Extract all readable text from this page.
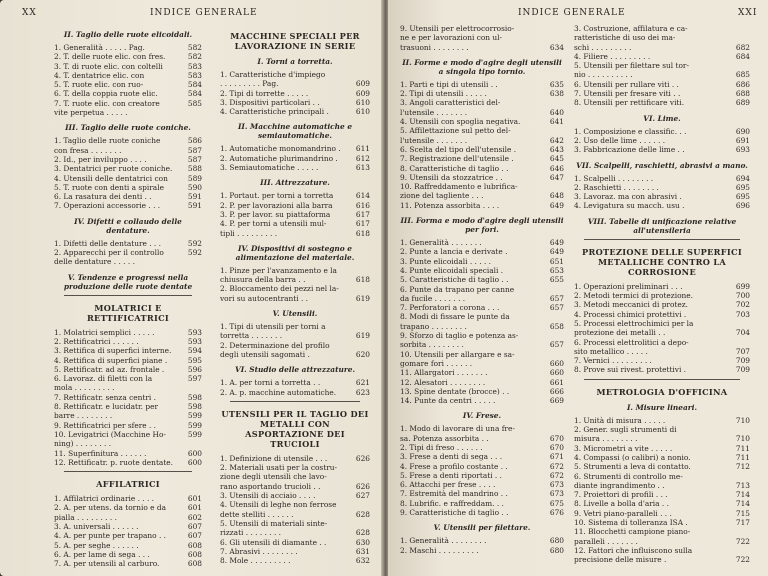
XX	INDICE GENERALE
II. Taglio delle ruote elicoidali.
1. Generalità . . . . . Pag.	582
2. T. delle ruote elic. con fres.	582
3. T. di ruote elic. con coltelli	583
4. T. dentatrice elic. con	583
5. T. ruote elic. con ruo-	584
6. T. della coppia ruote elic.	584
7. T. ruote elic. con creatore	585
vite perpetua . . . . .
III. Taglio delle ruote coniche.
1. Taglio delle ruote coniche	586
con fresa . . . . . . .	587
2. Id., per inviluppo . . . .	587
3. Dentatrici per ruote coniche.	588
4. Utensili delle dentatrici con	589
5. T. ruote con denti a spirale	590
6. La rasatura dei denti . .	591
7. Operazioni accessorie . . .	591
IV. Difetti e collaudo delle dentature.
1. Difetti delle dentature . . .	592
2. Apparecchi per il controllo	592
delle dentature . . . . .
V. Tendenze e progressi nella produzione delle ruote dentate
MOLATRICI E RETTIFICATRICI
1. Molatrici semplici . . . . .	593
2. Rettificatrici . . . . . .	593
3. Rettifica di superfici interne.	594
4. Rettifica di superfici piane .	595
5. Rettificatr. ad az. frontale .	596
6. Lavoraz. di filetti con la	597
mola . . . . . . . . .
7. Rettificatr. senza centri .	598
8. Rettificatr. e lucidatr. per	598
barre . . . . . . . .	599
9. Rettificatrici per sfere . .	599
10. Levigatrici (Macchine Ho-	599
ning) . . . . . . . .
11. Superfinitura . . . . . .	600
12. Rettificatr. p. ruote dentate.	600
AFFILATRICI
1. Affilatrici ordinarie . . . .	601
2. A. per utens. da tornio e da	601
pialla . . . . . . . . .	602
3. A. universali . . . . . .	607
4. A. per punte per trapano . .	607
5. A. per seghe . . . . . .	608
6. A. per lame di sega . . .	608
7. A. per utensili al carburo.	608
MACCHINE SPECIALI PER LAVORAZIONE IN SERIE
I. Torni a torretta.
1. Caratteristiche d'impiego
. . . . . . . . . Pag.	609
2. Tipi di torrette . . . . .	609
3. Dispositivi particolari . .	610
4. Caratteristiche principali .	610
II. Macchine automatiche e semiautomatiche.
1. Automatiche monomandrino .	611
2. Automatiche plurimandrino .	612
3. Semiautomatiche . . . . .	613
III. Attrezzature.
1. Portaut. per torni a torretta	614
2. P. per lavorazioni alla barra	616
3. P. per lavor. su piattaforma	617
4. P. per torni a utensili mul-	617
tipli . . . . . . . . .	618
IV. Dispositivi di sostegno e alimentazione del materiale.
1. Pinze per l'avanzamento e la
chiusura della barra . .	618
2. Bloccamento dei pezzi nel la-
vori su autocentranti . .	619
V. Utensili.
1. Tipi di utensili per torni a
torretta . . . . . . .	619
2. Determinazione del profilo
degli utensili sagomati .	620
VI. Studio delle attrezzature.
1. A. per torni a torretta . .	621
2. A. p. macchine automatiche.	623
UTENSILI PER IL TAGLIO DEI METALLI CON ASPORTAZIONE DEI TRUCIOLI
1. Definizione di utensile . . .	626
2. Materiali usati per la costru-
zione degli utensili che lavo-
rano asportando trucioli . .	626
3. Utensili di acciaio . . . .	627
4. Utensili di leghe non ferrose
dette stelliti . . . . . .	628
5. Utensili di materiali sinte-
rizzati . . . . . . . .	628
6. Gli utensili di diamante . .	630
7. Abrasivi . . . . . . . .	631
8. Mole . . . . . . . . .	632
INDICE GENERALE	XXI
9. Utensili per elettrocorrosio-
ne e per lavorazioni con ul-
trasuoni . . . . . . . .	634
II. Forme e modo d'agire degli utensili a singola tipo tornio.
1. Parti e tipi di utensili . .	635
2. Tipi di utensili . . . . .	638
3. Angoli caratteristici del-
l'utensile . . . . . . .	640
4. Utensili con spoglia negativa.	641
5. Affilettazione sul petto del-
l'utensile . . . . . . .	642
6. Scelta del tipo dell'utensile .	643
7. Registrazione dell'utensile .	645
8. Caratteristiche di taglio . .	646
9. Utensili da stozzatrice . .	647
10. Raffreddamento e lubrifica-
zione del tagliente . . .	648
11. Potenza assorbita . . . .	649
III. Forma e modo d'agire degli utensili per fori.
1. Generalità . . . . . . .	649
2. Punte a lancia e derivate .	649
3. Punte elicoidali . . . . .	651
4. Punte elicoidali speciali .	653
5. Caratteristiche di taglio . .	655
6. Punte da trapano per canne
da fucile . . . . . . .	657
7. Perforatori a corona . . .	657
8. Modi di fissare le punte da
trapano . . . . . . . .	658
9. Sforzo di taglio e potenza as-
sorbita . . . . . . . .	657
10. Utensili per allargare e sa-
gomare fori . . . . . .	660
11. Allargatori . . . . . . .	660
12. Alesatori . . . . . . . .	661
13. Spine dentate (brocce) . .	666
14. Punte da centri . . . . .	669
IV. Frese.
1. Modo di lavorare di una fre-
sa. Potenza assorbita . .	670
2. Tipi di freso . . . . . .	670
3. Frese a denti di sega . . .	671
4. Frese a profilo costante . .	672
5. Frese a denti riportati . .	672
6. Attacchi per frese . . . .	673
7. Estremità del mandrino . .	673
8. Lubrific. e raffreddam. . .	675
9. Caratteristiche di taglio . .	676
V. Utensili per filettare.
1. Generalità . . . . . . . .	680
2. Maschi . . . . . . . . .	680
3. Costruzione, affilatura e ca-
ratteristiche di uso dei ma-
schi . . . . . . . . .	682
4. Filiere . . . . . . . . .	684
5. Utensili per filettare sul tor-
nio . . . . . . . . . .	685
6. Utensili per rullare viti . .	686
7. Utensili per fresare viti . .	688
8. Utensili per rettificare viti.	689
VI. Lime.
1. Composizione e classific. . .	690
2. Uso delle lime . . . . . .	691
3. Fabbricazione delle lime . .	693
VII. Scalpelli, raschietti, abrasivi a mano.
1. Scalpelli . . . . . . . .	694
2. Raschietti . . . . . . . .	695
3. Lavoraz. ma con abrasivi .	695
4. Levigatura su macch. usu .	696
VIII. Tabelle di unificazione relative all'utensileria
PROTEZIONE DELLE SUPERFICI METALLICHE CONTRO LA CORROSIONE
1. Operazioni preliminari . . .	699
2. Metodi termici di protezione.	700
3. Metodi meccanici di protez.	702
4. Processi chimici protettivi .	703
5. Processi elettrochimici per la
protezione dei metalli . .	704
6. Processi elettrolitici a depo-
sito metallico . . . . .	707
7. Vernici . . . . . . . . .	709
8. Prove sui rivest. protettivi .	709
METROLOGIA D'OFFICINA
I. Misure lineari.
1. Unità di misura . . . . .	710
2. Gener. sugli strumenti di
misura . . . . . . . .	710
3. Micrometri a vite . . . . .	711
4. Compassi (o calibri) a nonio.	711
5. Strumenti a leva di contatto.	712
6. Strumenti di controllo me-
diante ingrandimento . .	713
7. Proiettori di profili . . .	714
8. Livelle a bolla d'aria . .	714
9. Vetri piano-paralleli . . .	715
10. Sistema di tolleranza ISA .	717
11. Blocchetti campione piano-
paralleli . . . . . . .	722
12. Fattori che influiscono sulla
precisione delle misure .	722
